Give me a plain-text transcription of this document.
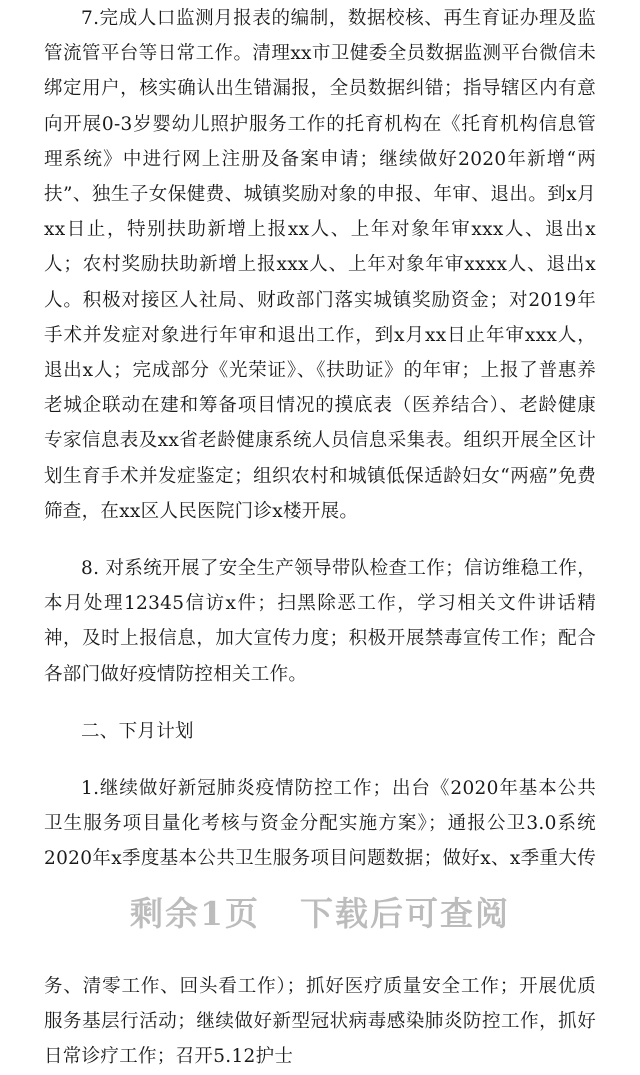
7.完成人口监测月报表的编制，数据校核、再生育证办理及监管流管平台等日常工作。清理xx市卫健委全员数据监测平台微信未绑定用户，核实确认出生错漏报，全员数据纠错；指导辖区内有意向开展0-3岁婴幼儿照护服务工作的托育机构在《托育机构信息管理系统》中进行网上注册及备案申请；继续做好2020年新增“两扶”、独生子女保健费、城镇奖励对象的申报、年审、退出。到x月xx日止，特别扶助新增上报xx人、上年对象年审xxx人、退出x人；农村奖励扶助新增上报xxx人、上年对象年审xxxx人、退出x人。积极对接区人社局、财政部门落实城镇奖励资金；对2019年手术并发症对象进行年审和退出工作，到x月xx日止年审xxx人，退出x人；完成部分《光荣证》、《扶助证》的年审；上报了普惠养老城企联动在建和筹备项目情况的摸底表（医养结合）、老龄健康专家信息表及xx省老龄健康系统人员信息采集表。组织开展全区计划生育手术并发症鉴定；组织农村和城镇低保适龄妇女“两癌”免费筛查，在xx区人民医院门诊x楼开展。

8. 对系统开展了安全生产领导带队检查工作；信访维稳工作，本月处理12345信访x件；扫黑除恶工作，学习相关文件讲话精神，及时上报信息，加大宣传力度；积极开展禁毒宣传工作；配合各部门做好疫情防控相关工作。

二、下月计划

1.继续做好新冠肺炎疫情防控工作；出台《2020年基本公共卫生服务项目量化考核与资金分配实施方案》；通报公卫3.0系统2020年x季度基本公共卫生服务项目问题数据；做好x、x季重大传

务、清零工作、回头看工作）；抓好医疗质量安全工作；开展优质服务基层行活动；继续做好新型冠状病毒感染肺炎防控工作，抓好日常诊疗工作；召开5.12护士

剩余1页 下载后可查阅
